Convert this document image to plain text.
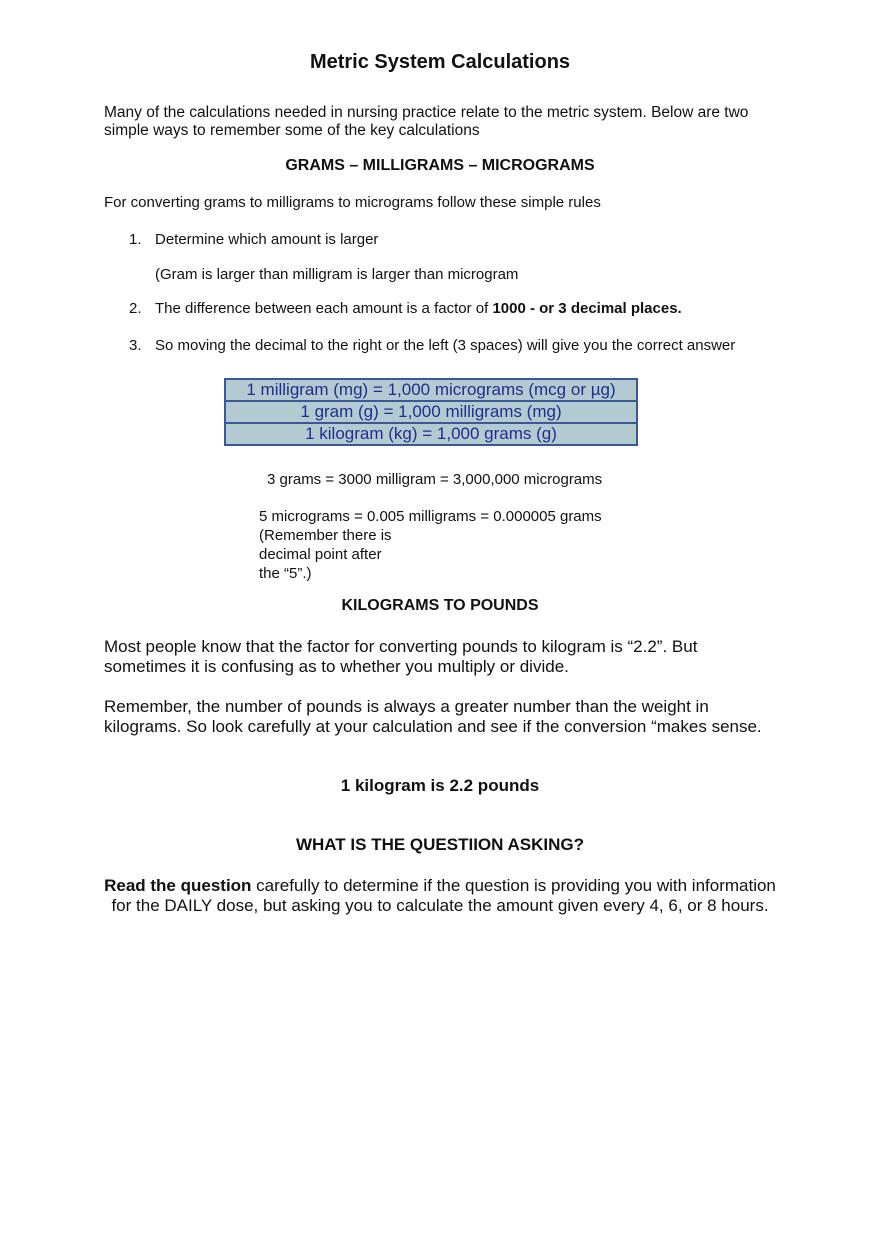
Metric System Calculations
Many of the calculations needed in nursing practice relate to the metric system. Below are two
simple ways to remember some of the key calculations
GRAMS – MILLIGRAMS – MICROGRAMS
For converting grams to milligrams to micrograms follow these simple rules
1. Determine which amount is larger
(Gram is larger than milligram is larger than microgram
2. The difference between each amount is a factor of 1000 - or 3 decimal places.
3. So moving the decimal to the right or the left (3 spaces) will give you the correct answer
1 milligram (mg) = 1,000 micrograms (mcg or µg)
1 gram (g) = 1,000 milligrams (mg)
1 kilogram (kg) = 1,000 grams (g)
3 grams = 3000 milligram = 3,000,000 micrograms
5 micrograms = 0.005 milligrams = 0.000005 grams
(Remember there is
decimal point after
the “5”.)
KILOGRAMS TO POUNDS
Most people know that the factor for converting pounds to kilogram is “2.2”. But
sometimes it is confusing as to whether you multiply or divide.
Remember, the number of pounds is always a greater number than the weight in
kilograms. So look carefully at your calculation and see if the conversion “makes sense.
1 kilogram is 2.2 pounds
WHAT IS THE QUESTIION ASKING?
Read the question carefully to determine if the question is providing you with information for the DAILY dose, but asking you to calculate the amount given every 4, 6, or 8 hours.
